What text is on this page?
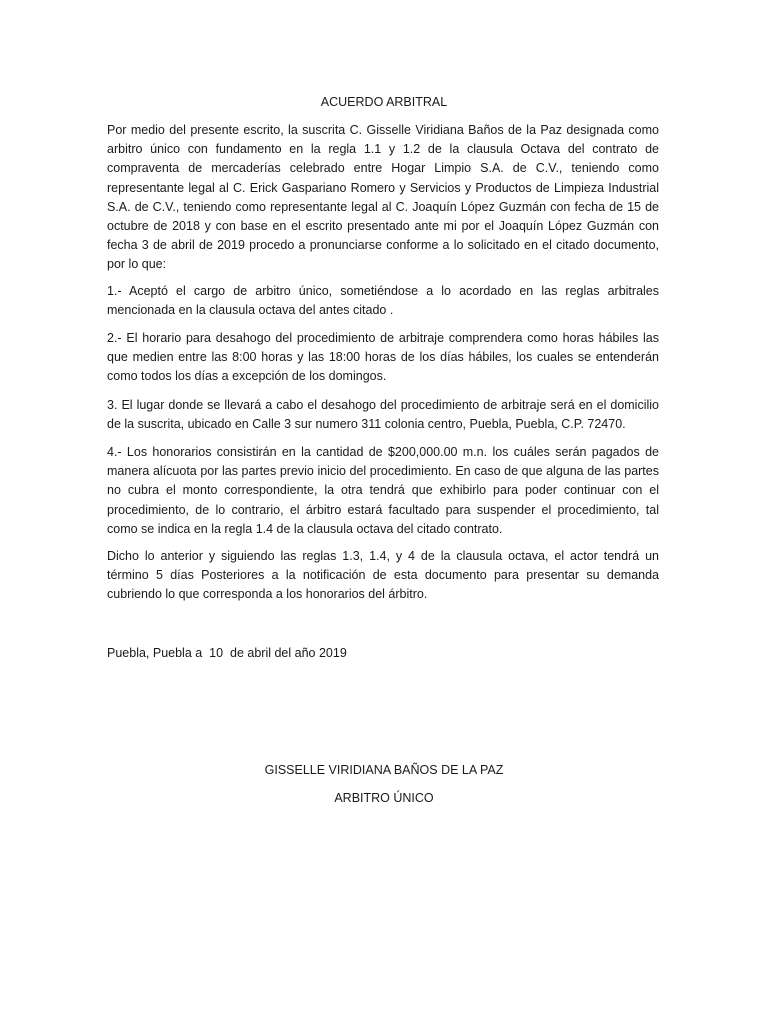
ACUERDO ARBITRAL

Por medio del presente escrito, la suscrita C. Gisselle Viridiana Baños de la Paz designada como arbitro único con fundamento en la regla 1.1 y 1.2 de la clausula Octava del contrato de compraventa de mercaderías celebrado entre Hogar Limpio S.A. de C.V., teniendo como representante legal al C. Erick Gaspariano Romero y Servicios y Productos de Limpieza Industrial S.A. de C.V., teniendo como representante legal al C. Joaquín López Guzmán con fecha de 15 de octubre de 2018 y con base en el escrito presentado ante mi por el Joaquín López Guzmán con fecha 3 de abril de 2019 procedo a pronunciarse conforme a lo solicitado en el citado documento, por lo que:

1.- Aceptó el cargo de arbitro único, sometiéndose a lo acordado en las reglas arbitrales mencionada en la clausula octava del antes citado .

2.- El horario para desahogo del procedimiento de arbitraje comprendera como horas hábiles las que medien entre las 8:00 horas y las 18:00 horas de los días hábiles, los cuales se entenderán como todos los días a excepción de los domingos.

3. El lugar donde se llevará a cabo el desahogo del procedimiento de arbitraje será en el domicilio de la suscrita, ubicado en Calle 3 sur numero 311 colonia centro, Puebla, Puebla, C.P. 72470.

4.- Los honorarios consistirán en la cantidad de $200,000.00 m.n. los cuáles serán pagados de manera alícuota por las partes previo inicio del procedimiento. En caso de que alguna de las partes no cubra el monto correspondiente, la otra tendrá que exhibirlo para poder continuar con el procedimiento, de lo contrario, el árbitro estará facultado para suspender el procedimiento, tal como se indica en la regla 1.4 de la clausula octava del citado contrato.

Dicho lo anterior y siguiendo las reglas 1.3, 1.4, y 4 de la clausula octava, el actor tendrá un término 5 días Posteriores a la notificación de esta documento para presentar su demanda cubriendo lo que corresponda a los honorarios del árbitro.

Puebla, Puebla a  10  de abril del año 2019
GISSELLE VIRIDIANA BAÑOS DE LA PAZ
ARBITRO ÚNICO
